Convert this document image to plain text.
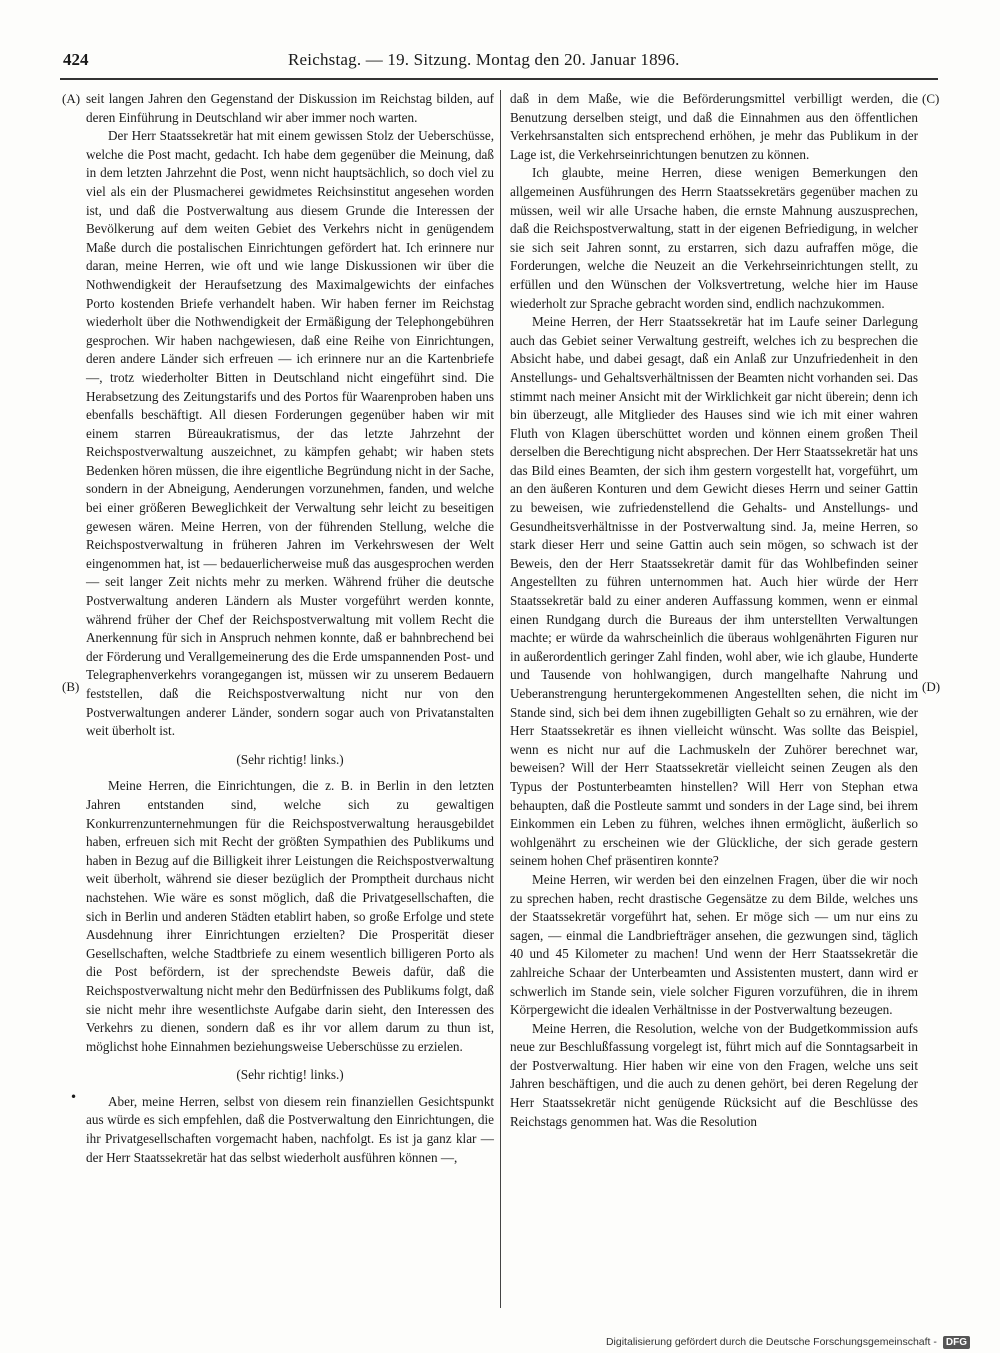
424	Reichstag. — 19. Sitzung. Montag den 20. Januar 1896.
(A)
(B)
(C)
(D)
•

seit langen Jahren den Gegenstand der Diskussion im Reichstag bilden, auf deren Einführung in Deutschland wir aber immer noch warten.

Der Herr Staatssekretär hat mit einem gewissen Stolz der Ueberschüsse, welche die Post macht, gedacht. Ich habe dem gegenüber die Meinung, daß in dem letzten Jahrzehnt die Post, wenn nicht hauptsächlich, so doch viel zu viel als ein der Plusmacherei gewidmetes Reichsinstitut angesehen worden ist, und daß die Postverwaltung aus diesem Grunde die Interessen der Bevölkerung auf dem weiten Gebiet des Verkehrs nicht in genügendem Maße durch die postalischen Einrichtungen gefördert hat. Ich erinnere nur daran, meine Herren, wie oft und wie lange Diskussionen wir über die Nothwendigkeit der Heraufsetzung des Maximalgewichts der einfaches Porto kostenden Briefe verhandelt haben. Wir haben ferner im Reichstag wiederholt über die Nothwendigkeit der Ermäßigung der Telephongebühren gesprochen. Wir haben nachgewiesen, daß eine Reihe von Einrichtungen, deren andere Länder sich erfreuen — ich erinnere nur an die Kartenbriefe —, trotz wiederholter Bitten in Deutschland nicht eingeführt sind. Die Herabsetzung des Zeitungstarifs und des Portos für Waarenproben haben uns ebenfalls beschäftigt. All diesen Forderungen gegenüber haben wir mit einem starren Büreaukratismus, der das letzte Jahrzehnt der Reichspostverwaltung auszeichnet, zu kämpfen gehabt; wir haben stets Bedenken hören müssen, die ihre eigentliche Begründung nicht in der Sache, sondern in der Abneigung, Aenderungen vorzunehmen, fanden, und welche bei einer größeren Beweglichkeit der Verwaltung sehr leicht zu beseitigen gewesen wären. Meine Herren, von der führenden Stellung, welche die Reichspostverwaltung in früheren Jahren im Verkehrswesen der Welt eingenommen hat, ist — bedauerlicherweise muß das ausgesprochen werden — seit langer Zeit nichts mehr zu merken. Während früher die deutsche Postverwaltung anderen Ländern als Muster vorgeführt werden konnte, während früher der Chef der Reichspostverwaltung mit vollem Recht die Anerkennung für sich in Anspruch nehmen konnte, daß er bahnbrechend bei der Förderung und Verallgemeinerung des die Erde umspannenden Post- und Telegraphenverkehrs vorangegangen ist, müssen wir zu unserem Bedauern feststellen, daß die Reichspostverwaltung nicht nur von den Postverwaltungen anderer Länder, sondern sogar auch von Privatanstalten weit überholt ist.

(Sehr richtig! links.)

Meine Herren, die Einrichtungen, die z. B. in Berlin in den letzten Jahren entstanden sind, welche sich zu gewaltigen Konkurrenzunternehmungen für die Reichspostverwaltung herausgebildet haben, erfreuen sich mit Recht der größten Sympathien des Publikums und haben in Bezug auf die Billigkeit ihrer Leistungen die Reichspostverwaltung weit überholt, während sie dieser bezüglich der Promptheit durchaus nicht nachstehen. Wie wäre es sonst möglich, daß die Privatgesellschaften, die sich in Berlin und anderen Städten etablirt haben, so große Erfolge und stete Ausdehnung ihrer Einrichtungen erzielten? Die Prosperität dieser Gesellschaften, welche Stadtbriefe zu einem wesentlich billigeren Porto als die Post befördern, ist der sprechendste Beweis dafür, daß die Reichspostverwaltung nicht mehr den Bedürfnissen des Publikums folgt, daß sie nicht mehr ihre wesentlichste Aufgabe darin sieht, den Interessen des Verkehrs zu dienen, sondern daß es ihr vor allem darum zu thun ist, möglichst hohe Einnahmen beziehungsweise Ueberschüsse zu erzielen.

(Sehr richtig! links.)

Aber, meine Herren, selbst von diesem rein finanziellen Gesichtspunkt aus würde es sich empfehlen, daß die Postverwaltung den Einrichtungen, die ihr Privatgesellschaften vorgemacht haben, nachfolgt. Es ist ja ganz klar — der Herr Staatssekretär hat das selbst wiederholt ausführen können —,

daß in dem Maße, wie die Beförderungsmittel verbilligt werden, die Benutzung derselben steigt, und daß die Einnahmen aus den öffentlichen Verkehrsanstalten sich entsprechend erhöhen, je mehr das Publikum in der Lage ist, die Verkehrseinrichtungen benutzen zu können.

Ich glaubte, meine Herren, diese wenigen Bemerkungen den allgemeinen Ausführungen des Herrn Staatssekretärs gegenüber machen zu müssen, weil wir alle Ursache haben, die ernste Mahnung auszusprechen, daß die Reichspostverwaltung, statt in der eigenen Befriedigung, in welcher sie sich seit Jahren sonnt, zu erstarren, sich dazu aufraffen möge, die Forderungen, welche die Neuzeit an die Verkehrseinrichtungen stellt, zu erfüllen und den Wünschen der Volksvertretung, welche hier im Hause wiederholt zur Sprache gebracht worden sind, endlich nachzukommen.

Meine Herren, der Herr Staatssekretär hat im Laufe seiner Darlegung auch das Gebiet seiner Verwaltung gestreift, welches ich zu besprechen die Absicht habe, und dabei gesagt, daß ein Anlaß zur Unzufriedenheit in den Anstellungs- und Gehaltsverhältnissen der Beamten nicht vorhanden sei. Das stimmt nach meiner Ansicht mit der Wirklichkeit gar nicht überein; denn ich bin überzeugt, alle Mitglieder des Hauses sind wie ich mit einer wahren Fluth von Klagen überschüttet worden und können einem großen Theil derselben die Berechtigung nicht absprechen. Der Herr Staatssekretär hat uns das Bild eines Beamten, der sich ihm gestern vorgestellt hat, vorgeführt, um an den äußeren Konturen und dem Gewicht dieses Herrn und seiner Gattin zu beweisen, wie zufriedenstellend die Gehalts- und Anstellungs- und Gesundheitsverhältnisse in der Postverwaltung sind. Ja, meine Herren, so stark dieser Herr und seine Gattin auch sein mögen, so schwach ist der Beweis, den der Herr Staatssekretär damit für das Wohlbefinden seiner Angestellten zu führen unternommen hat. Auch hier würde der Herr Staatssekretär bald zu einer anderen Auffassung kommen, wenn er einmal einen Rundgang durch die Bureaus der ihm unterstellten Verwaltungen machte; er würde da wahrscheinlich die überaus wohlgenährten Figuren nur in außerordentlich geringer Zahl finden, wohl aber, wie ich glaube, Hunderte und Tausende von hohlwangigen, durch mangelhafte Nahrung und Ueberanstrengung heruntergekommenen Angestellten sehen, die nicht im Stande sind, sich bei dem ihnen zugebilligten Gehalt so zu ernähren, wie der Herr Staatssekretär es ihnen vielleicht wünscht. Was sollte das Beispiel, wenn es nicht nur auf die Lachmuskeln der Zuhörer berechnet war, beweisen? Will der Herr Staatssekretär vielleicht seinen Zeugen als den Typus der Postunterbeamten hinstellen? Will Herr von Stephan etwa behaupten, daß die Postleute sammt und sonders in der Lage sind, bei ihrem Einkommen ein Leben zu führen, welches ihnen ermöglicht, äußerlich so wohlgenährt zu erscheinen wie der Glückliche, der sich gerade gestern seinem hohen Chef präsentiren konnte?

Meine Herren, wir werden bei den einzelnen Fragen, über die wir noch zu sprechen haben, recht drastische Gegensätze zu dem Bilde, welches uns der Staatssekretär vorgeführt hat, sehen. Er möge sich — um nur eins zu sagen, — einmal die Landbriefträger ansehen, die gezwungen sind, täglich 40 und 45 Kilometer zu machen! Und wenn der Herr Staatssekretär die zahlreiche Schaar der Unterbeamten und Assistenten mustert, dann wird er schwerlich im Stande sein, viele solcher Figuren vorzuführen, die in ihrem Körpergewicht die idealen Verhältnisse in der Postverwaltung bezeugen.

Meine Herren, die Resolution, welche von der Budgetkommission aufs neue zur Beschlußfassung vorgelegt ist, führt mich auf die Sonntagsarbeit in der Postverwaltung. Hier haben wir eine von den Fragen, welche uns seit Jahren beschäftigen, und die auch zu denen gehört, bei deren Regelung der Herr Staatssekretär nicht genügende Rücksicht auf die Beschlüsse des Reichstags genommen hat. Was die Resolution

Digitalisierung gefördert durch die Deutsche Forschungsgemeinschaft - DFG
